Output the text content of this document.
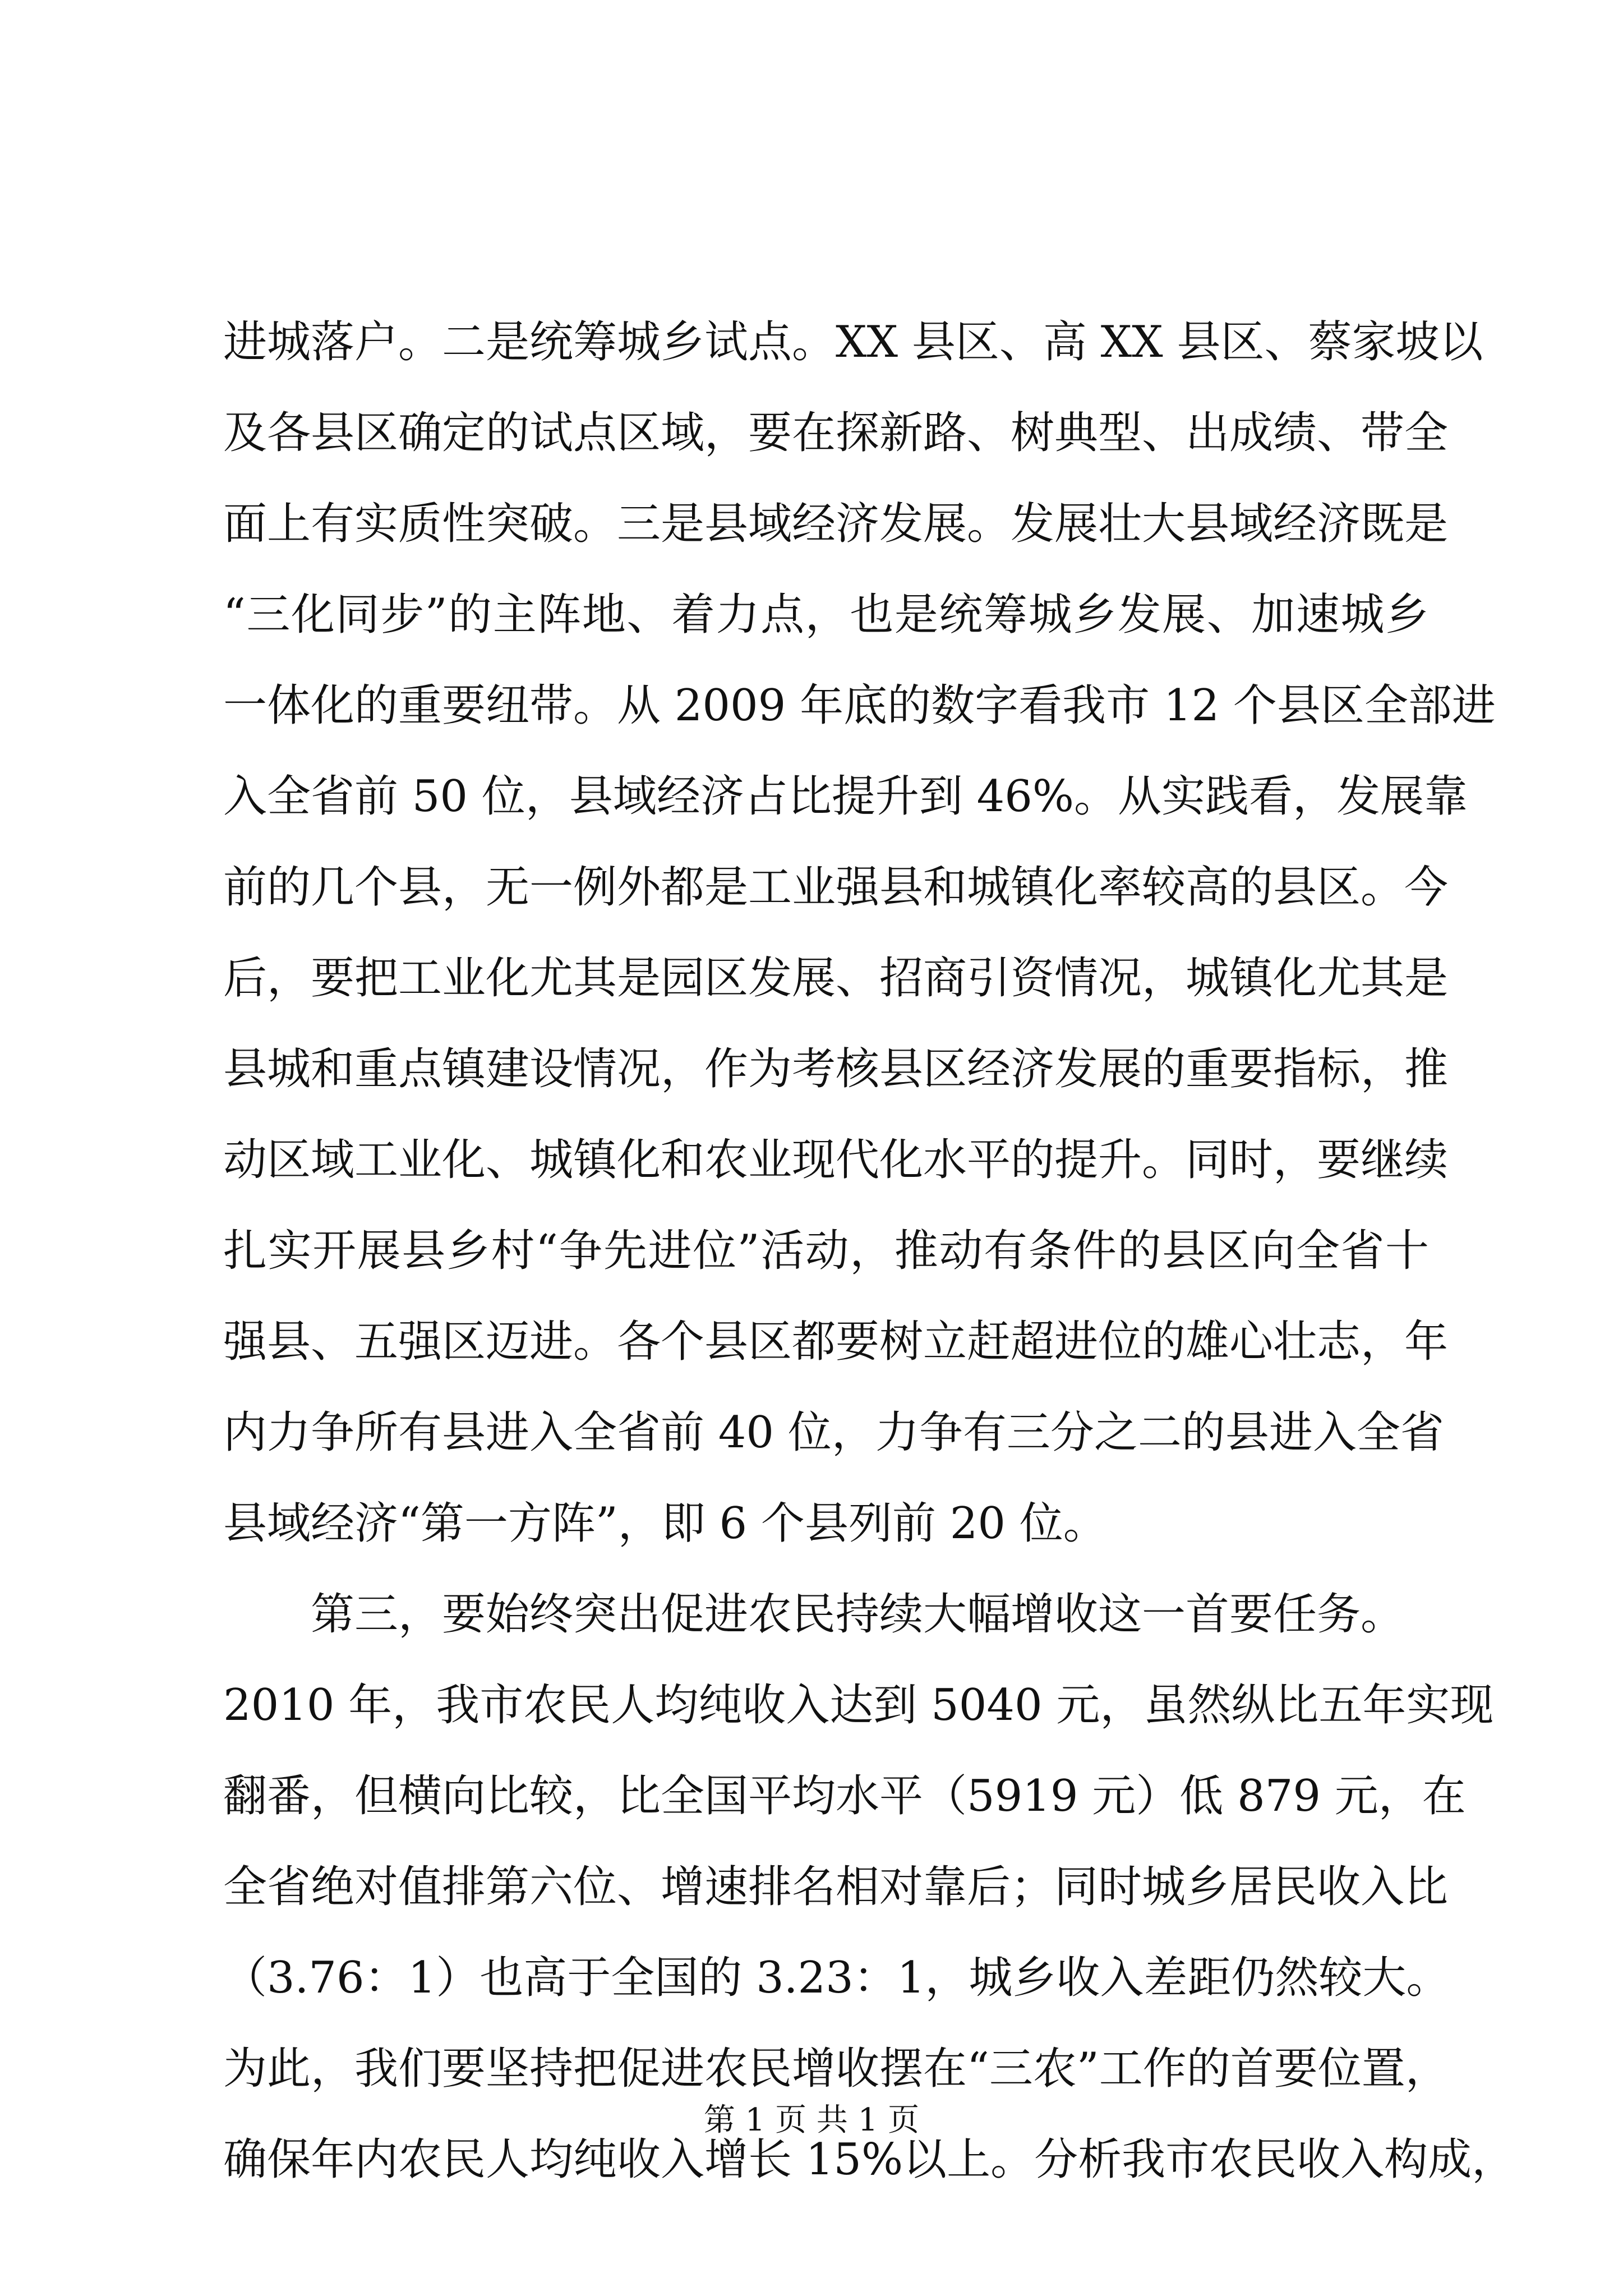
进城落户。二是统筹城乡试点。XX 县区、高 XX 县区、蔡家坡以
及各县区确定的试点区域，要在探新路、树典型、出成绩、带全
面上有实质性突破。三是县域经济发展。发展壮大县域经济既是
“三化同步”的主阵地、着力点，也是统筹城乡发展、加速城乡
一体化的重要纽带。从 2009 年底的数字看我市 12 个县区全部进
入全省前 50 位，县域经济占比提升到 46%。从实践看，发展靠
前的几个县，无一例外都是工业强县和城镇化率较高的县区。今
后，要把工业化尤其是园区发展、招商引资情况，城镇化尤其是
县城和重点镇建设情况，作为考核县区经济发展的重要指标，推
动区域工业化、城镇化和农业现代化水平的提升。同时，要继续
扎实开展县乡村“争先进位”活动，推动有条件的县区向全省十
强县、五强区迈进。各个县区都要树立赶超进位的雄心壮志，年
内力争所有县进入全省前 40 位，力争有三分之二的县进入全省
县域经济“第一方阵”，即 6 个县列前 20 位。
第三，要始终突出促进农民持续大幅增收这一首要任务。
2010 年，我市农民人均纯收入达到 5040 元，虽然纵比五年实现
翻番，但横向比较，比全国平均水平（5919 元）低 879 元，在
全省绝对值排第六位、增速排名相对靠后；同时城乡居民收入比
（3.76：1）也高于全国的 3.23：1，城乡收入差距仍然较大。
为此，我们要坚持把促进农民增收摆在“三农”工作的首要位置，
确保年内农民人均纯收入增长 15%以上。分析我市农民收入构成，
第 1 页 共 1 页
